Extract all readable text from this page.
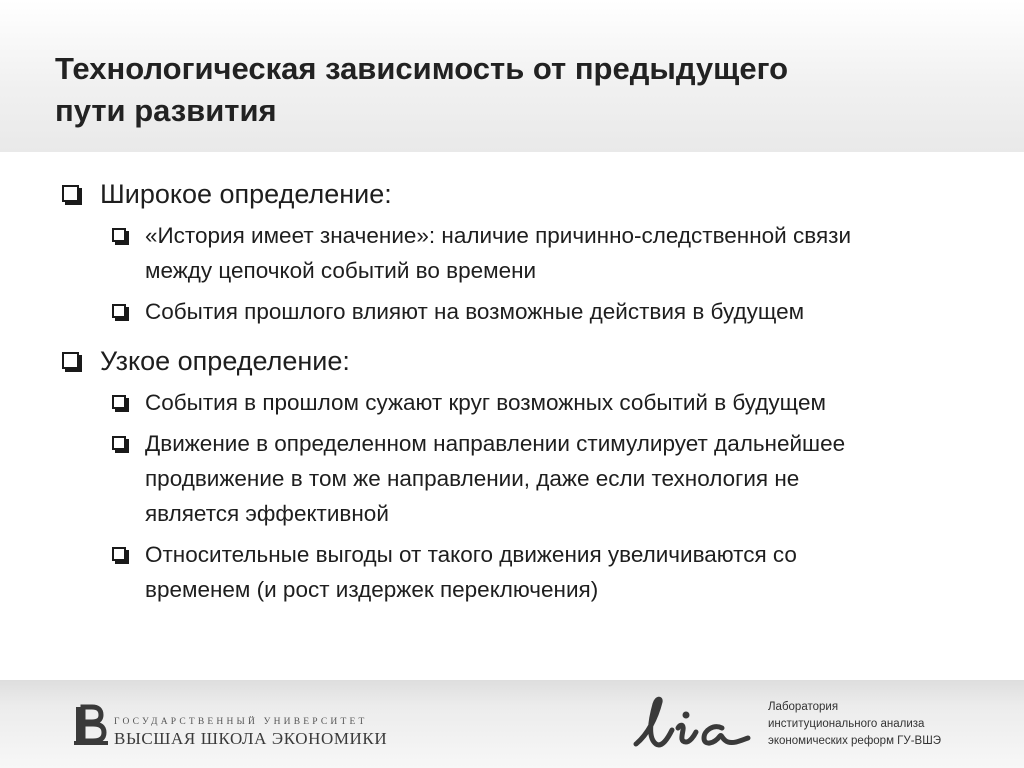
Технологическая зависимость от предыдущего
пути развития
Широкое определение:
«История имеет значение»: наличие причинно-следственной связи
между цепочкой событий во времени
События прошлого влияют на возможные действия в будущем
Узкое определение:
События в прошлом сужают круг возможных событий в будущем
Движение в определенном направлении стимулирует дальнейшее
продвижение в том же направлении, даже если технология не
является эффективной
Относительные выгоды от такого движения увеличиваются со
временем (и рост издержек переключения)
ГОСУДАРСТВЕННЫЙ УНИВЕРСИТЕТ
ВЫСШАЯ ШКОЛА ЭКОНОМИКИ
Лаборатория
институционального анализа
экономических реформ ГУ-ВШЭ
